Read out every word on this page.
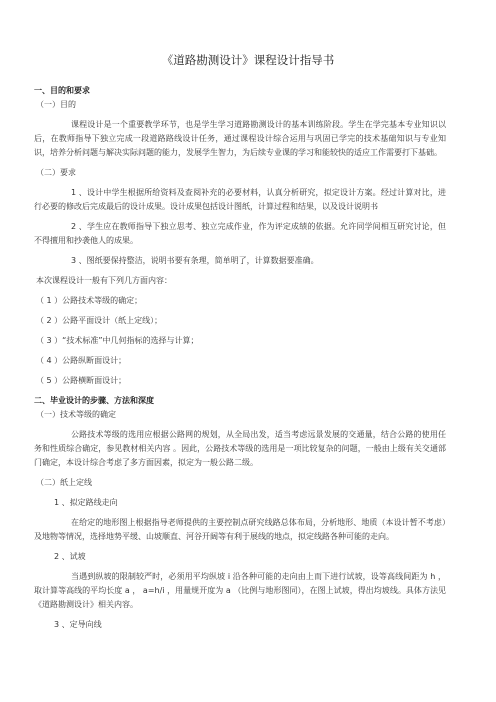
《道路勘测设计》课程设计指导书

一、目的和要求

（一）目的

课程设计是一个重要教学环节，也是学生学习道路勘测设计的基本训练阶段。学生在学完基本专业知识以后，在教师指导下独立完成一段道路路线设计任务，通过课程设计综合运用与巩固已学完的技术基础知识与专业知识，培养分析问题与解决实际问题的能力，发展学生智力，为后续专业课的学习和能较快的适应工作需要打下基础。

（二）要求

1 、设计中学生根据所给资料及查阅补充的必要材料，认真分析研究，拟定设计方案。经过计算对比，进行必要的修改后完成最后的设计成果。设计成果包括设计图纸，计算过程和结果，以及设计说明书

2 、学生应在教师指导下独立思考、独立完成作业，作为评定成绩的依据。允许同学间相互研究讨论，但不得擅用和抄袭他人的成果。

3 、图纸要保持整洁，说明书要有条理，简单明了，计算数据要准确。

本次课程设计一般有下列几方面内容：

（ 1 ）公路技术等级的确定；

（ 2 ）公路平面设计（纸上定线）；

（ 3 ）“技术标准”中几何指标的选择与计算；

（ 4 ）公路纵断面设计；

（ 5 ）公路横断面设计；

二、毕业设计的步骤、方法和深度

（一）技术等级的确定

公路技术等级的选用应根据公路网的规划，从全局出发，适当考虑远景发展的交通量，结合公路的使用任务和性质综合确定，参见教材相关内容 。因此，公路技术等级的选用是一项比较复杂的问题，一般由上级有关交通部门确定，本设计综合考虑了多方面因素，拟定为一般公路二级。

（二）纸上定线

1 、拟定路线走向

在给定的地形图上根据指导老师提供的主要控制点研究线路总体布局，分析地形、地质（本设计暂不考虑）及地物等情况，选择地势平缓、山坡顺直、河谷开阔等有利于展线的地点，拟定线路各种可能的走向。

2 、试坡

当遇到纵坡的限制较严时，必须用平均纵坡 i 沿各种可能的走向由上而下进行试坡，设等高线间距为 h ，取计算等高线的平均长度 a ， a=h/i ，用量规开度为 a （比例与地形图同），在图上试坡，得出均坡线。具体方法见《道路勘测设计》相关内容。

3 、定导向线
